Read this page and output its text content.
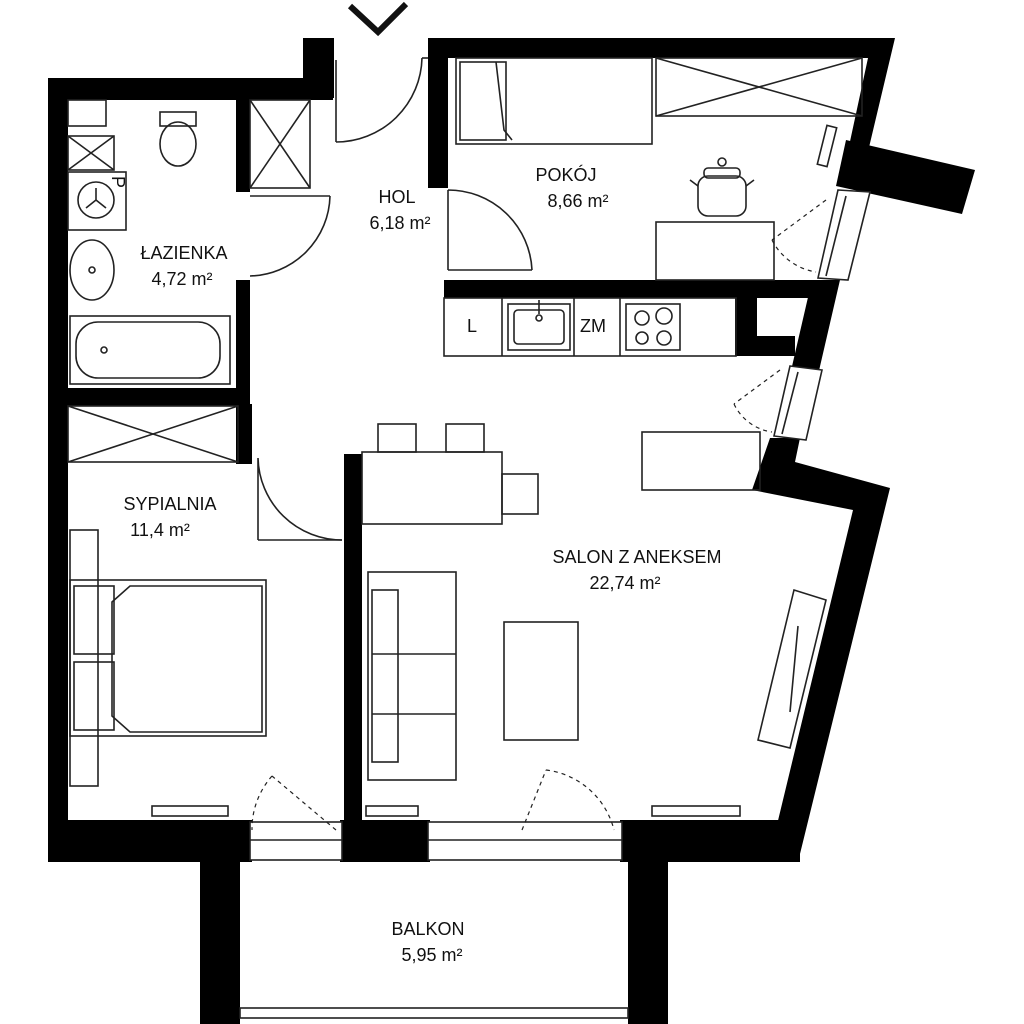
P
L	ZM
HOL
6,18 m²
POKÓJ
8,66 m²
ŁAZIENKA
4,72 m²
SYPIALNIA
11,4 m²
SALON Z ANEKSEM
22,74 m²
BALKON
5,95 m²
